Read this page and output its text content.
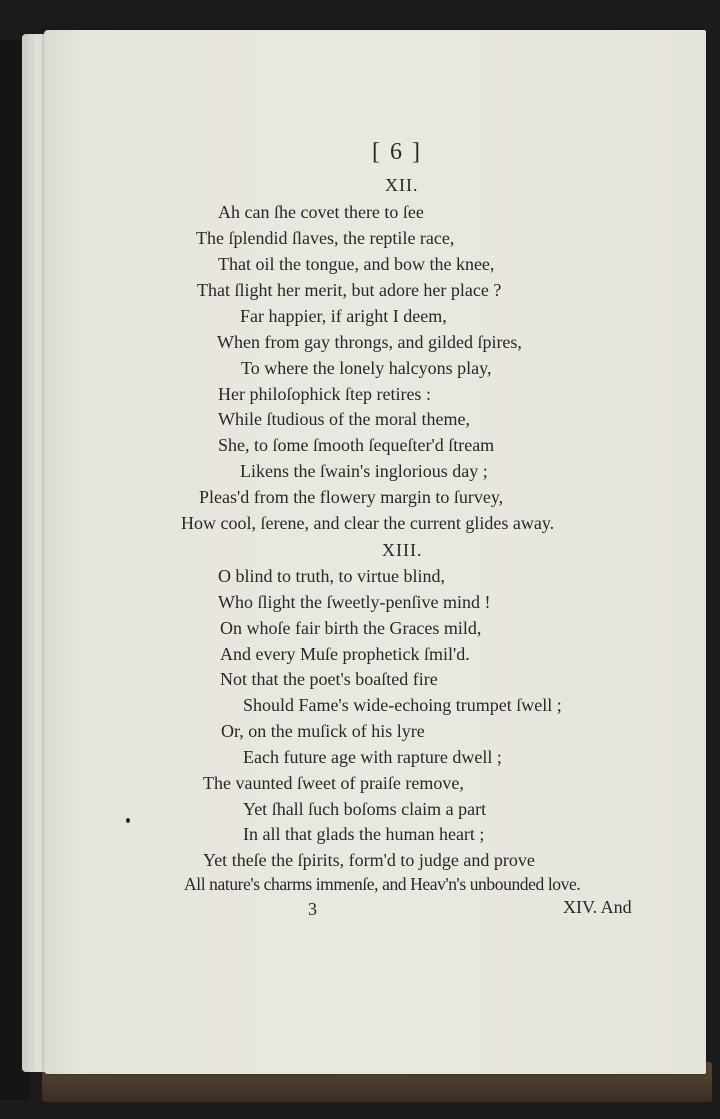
[ 6 ]
XII.
Ah can ſhe covet there to ſee
The ſplendid ſlaves, the reptile race,
That oil the tongue, and bow the knee,
That ſlight her merit, but adore her place ?
Far happier, if aright I deem,
When from gay throngs, and gilded ſpires,
To where the lonely halcyons play,
Her philoſophick ſtep retires :
While ſtudious of the moral theme,
She, to ſome ſmooth ſequeſter'd ſtream
Likens the ſwain's inglorious day ;
Pleas'd from the flowery margin to ſurvey,
How cool, ſerene, and clear the current glides away.
XIII.
O blind to truth, to virtue blind,
Who ſlight the ſweetly-penſive mind !
On whoſe fair birth the Graces mild,
And every Muſe prophetick ſmil'd.
Not that the poet's boaſted fire
Should Fame's wide-echoing trumpet ſwell ;
Or, on the muſick of his lyre
Each future age with rapture dwell ;
The vaunted ſweet of praiſe remove,
Yet ſhall ſuch boſoms claim a part
In all that glads the human heart ;
Yet theſe the ſpirits, form'd to judge and prove
All nature's charms immenſe, and Heav'n's unbounded love.
3	XIV. And
